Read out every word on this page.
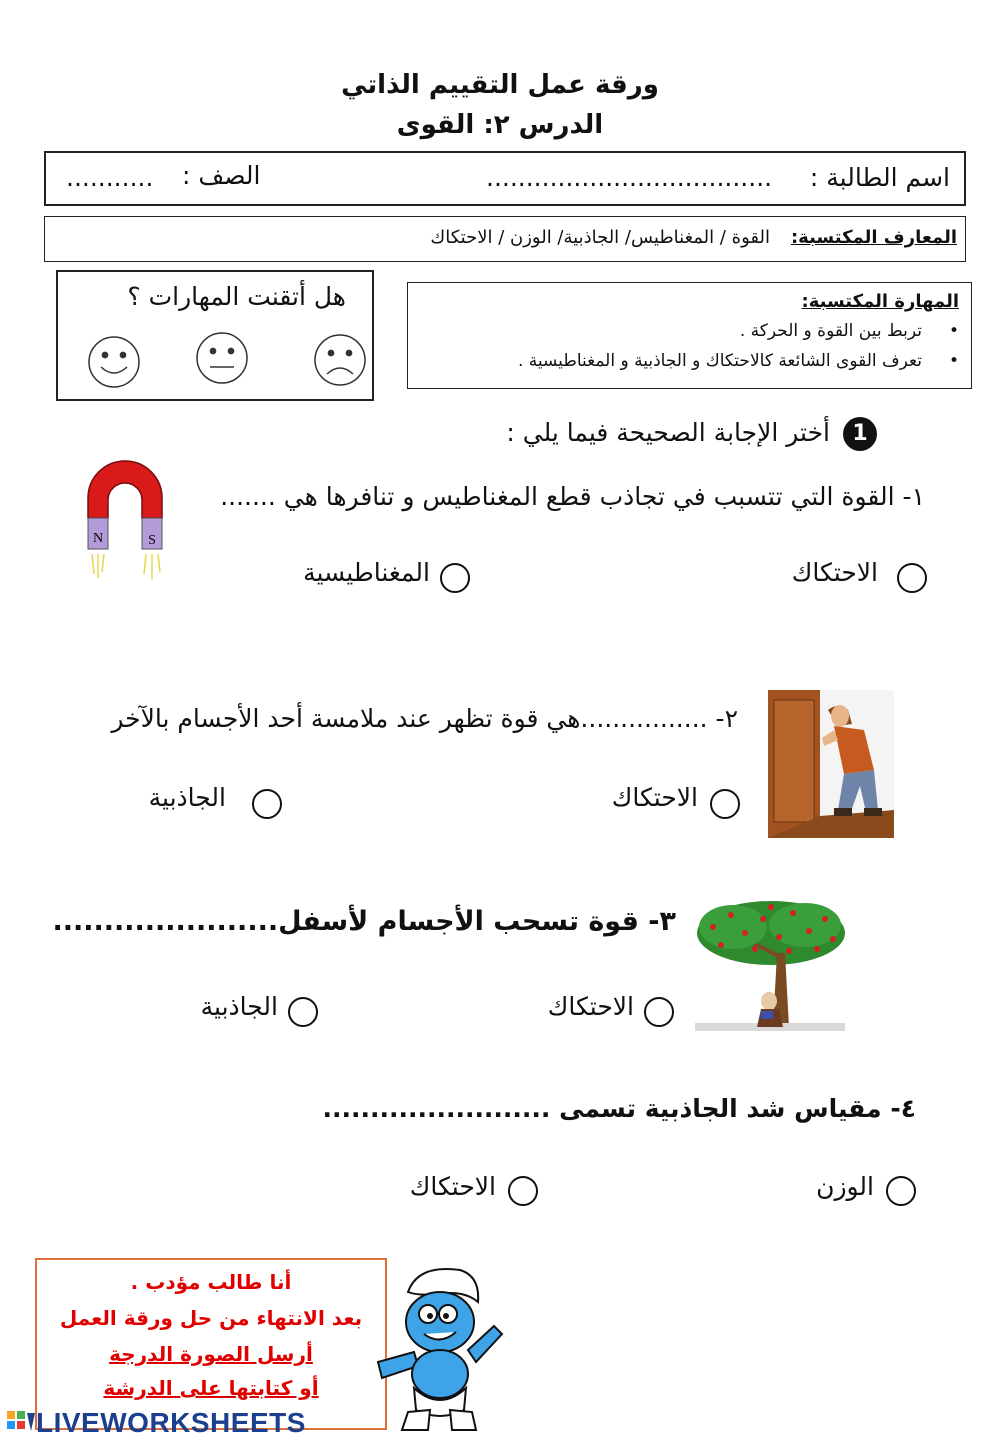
ورقة عمل التقييم الذاتي
الدرس ٢: القوى
اسم الطالبة :
....................................
الصف :
...........
المعارف المكتسبة:
القوة / المغناطيس/ الجاذبية/ الوزن / الاحتكاك
هل أتقنت المهارات ؟	المهارة المكتسبة:
•     تربط بين القوة و الحركة .
•     تعرف القوى الشائعة كالاحتكاك و الجاذبية و المغناطيسية .
1
أختر الإجابة الصحيحة فيما يلي :
N	S
١- القوة التي تتسبب في تجاذب قطع المغناطيس و تنافرها هي .......
الاحتكاك
المغناطيسية
٢- ................هي قوة تظهر عند ملامسة أحد الأجسام بالآخر
الاحتكاك
الجاذبية
٣- قوة تسحب الأجسام لأسفل......................
الاحتكاك
الجاذبية
٤- مقياس شد الجاذبية تسمى ........................
الوزن
الاحتكاك
أنا طالب مؤدب .
بعد الانتهاء من حل ورقة العمل
أرسل الصورة الدرجة
أو كتابتها على الدرشة
LIVEWORKSHEETS
